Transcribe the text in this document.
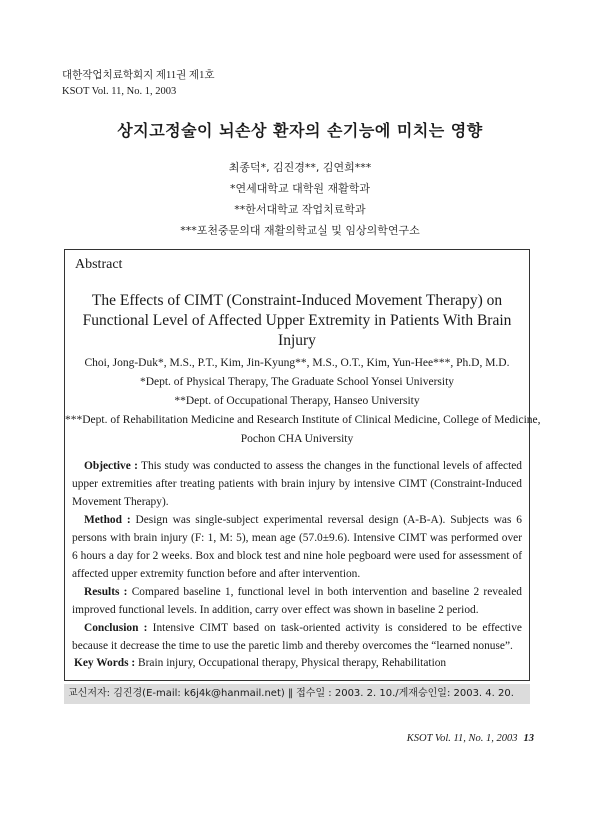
대한작업치료학회지 제11권 제1호
KSOT Vol. 11, No. 1, 2003
상지고정술이 뇌손상 환자의 손기능에 미치는 영향
최종덕*, 김진경**, 김연희***
*연세대학교 대학원 재활학과
**한서대학교 작업치료학과
***포천중문의대 재활의학교실 및 임상의학연구소
Abstract
The Effects of CIMT (Constraint-Induced Movement Therapy) on Functional Level of Affected Upper Extremity in Patients With Brain Injury
Choi, Jong-Duk*, M.S., P.T., Kim, Jin-Kyung**, M.S., O.T., Kim, Yun-Hee***, Ph.D, M.D.
*Dept. of Physical Therapy, The Graduate School Yonsei University
**Dept. of Occupational Therapy, Hanseo University
***Dept. of Rehabilitation Medicine and Research Institute of Clinical Medicine, College of Medicine,
Pochon CHA University

Objective : This study was conducted to assess the changes in the functional levels of affected upper extremities after treating patients with brain injury by intensive CIMT (Constraint-Induced Movement Therapy).

Method : Design was single-subject experimental reversal design (A-B-A). Subjects was 6 persons with brain injury (F: 1, M: 5), mean age (57.0±9.6). Intensive CIMT was performed over 6 hours a day for 2 weeks. Box and block test and nine hole pegboard were used for assessment of affected upper extremity function before and after intervention.

Results : Compared baseline 1, functional level in both intervention and baseline 2 revealed improved functional levels. In addition, carry over effect was shown in baseline 2 period.

Conclusion : Intensive CIMT based on task-oriented activity is considered to be effective because it decrease the time to use the paretic limb and thereby overcomes the “learned nonuse”.

Key Words : Brain injury, Occupational therapy, Physical therapy, Rehabilitation
교신저자: 김진경(E-mail: k6j4k@hanmail.net) ‖ 접수일 : 2003. 2. 10./게재승인일: 2003. 4. 20.
KSOT Vol. 11, No. 1, 2003 13
